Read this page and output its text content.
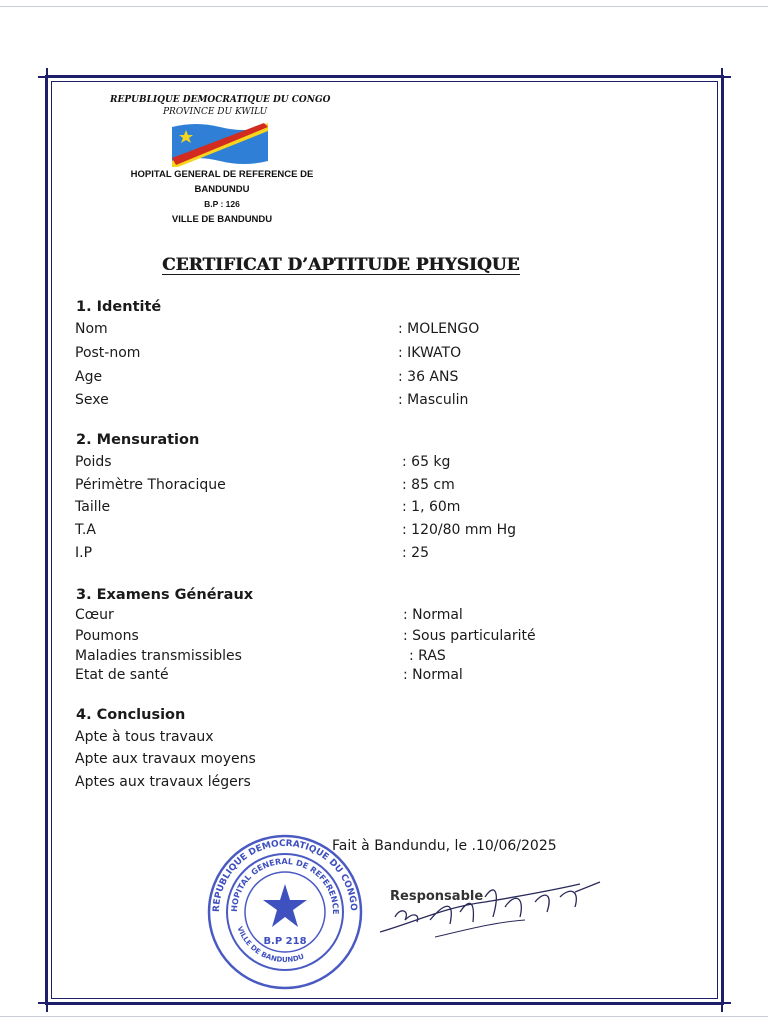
REPUBLIQUE DEMOCRATIQUE DU CONGO
PROVINCE DU KWILU
HOPITAL GENERAL DE REFERENCE DE
BANDUNDU
B.P : 126
VILLE DE BANDUNDU
CERTIFICAT D’APTITUDE PHYSIQUE
1. Identité
Nom	: MOLENGO
Post-nom	: IKWATO
Age	: 36 ANS
Sexe	: Masculin
2. Mensuration
Poids	: 65 kg
Périmètre Thoracique	: 85 cm
Taille	: 1, 60m
T.A	: 120/80 mm Hg
I.P	: 25
3. Examens Généraux
Cœur	: Normal
Poumons	: Sous particularité
Maladies transmissibles	: RAS
Etat de santé	: Normal
4. Conclusion
Apte à tous travaux
Apte aux travaux moyens
Aptes aux travaux légers
Fait à Bandundu, le .10/06/2025
Responsable
REPUBLIQUE DEMOCRATIQUE DU CONGO
HOPITAL GENERAL DE REFERENCE
VILLE DE BANDUNDU
B.P 218
